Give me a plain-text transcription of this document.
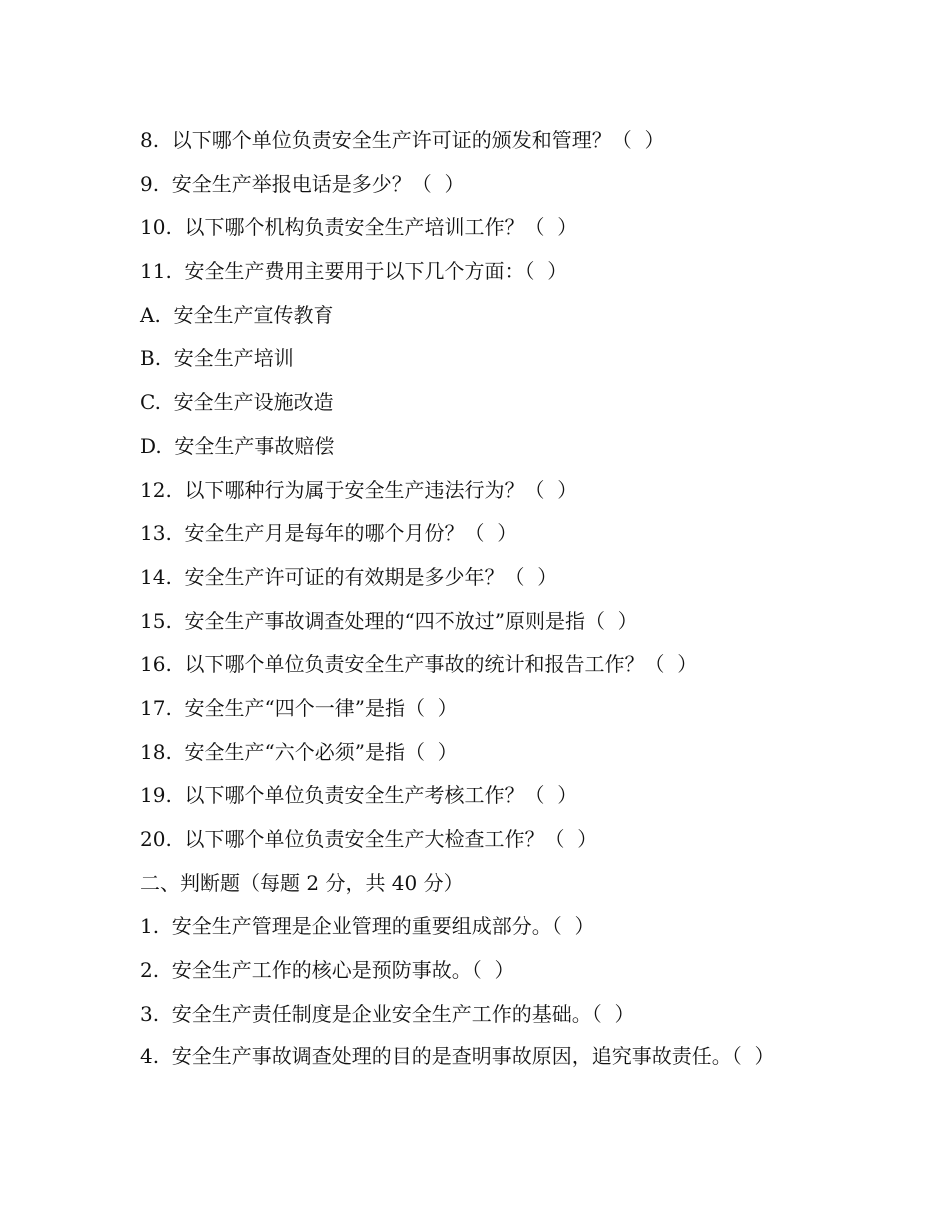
8.  以下哪个单位负责安全生产许可证的颁发和管理？（  ）

9.  安全生产举报电话是多少？（  ）

10.  以下哪个机构负责安全生产培训工作？（  ）

11.  安全生产费用主要用于以下几个方面：（  ）

A.  安全生产宣传教育

B.  安全生产培训

C.  安全生产设施改造

D.  安全生产事故赔偿

12.  以下哪种行为属于安全生产违法行为？（  ）

13.  安全生产月是每年的哪个月份？（  ）

14.  安全生产许可证的有效期是多少年？（  ）

15.  安全生产事故调查处理的“四不放过”原则是指（  ）

16.  以下哪个单位负责安全生产事故的统计和报告工作？（  ）

17.  安全生产“四个一律”是指（  ）

18.  安全生产“六个必须”是指（  ）

19.  以下哪个单位负责安全生产考核工作？（  ）

20.  以下哪个单位负责安全生产大检查工作？（  ）

二、判断题（每题 2 分，共 40 分）

1.  安全生产管理是企业管理的重要组成部分。（  ）

2.  安全生产工作的核心是预防事故。（  ）

3.  安全生产责任制度是企业安全生产工作的基础。（  ）

4.  安全生产事故调查处理的目的是查明事故原因，追究事故责任。（  ）
